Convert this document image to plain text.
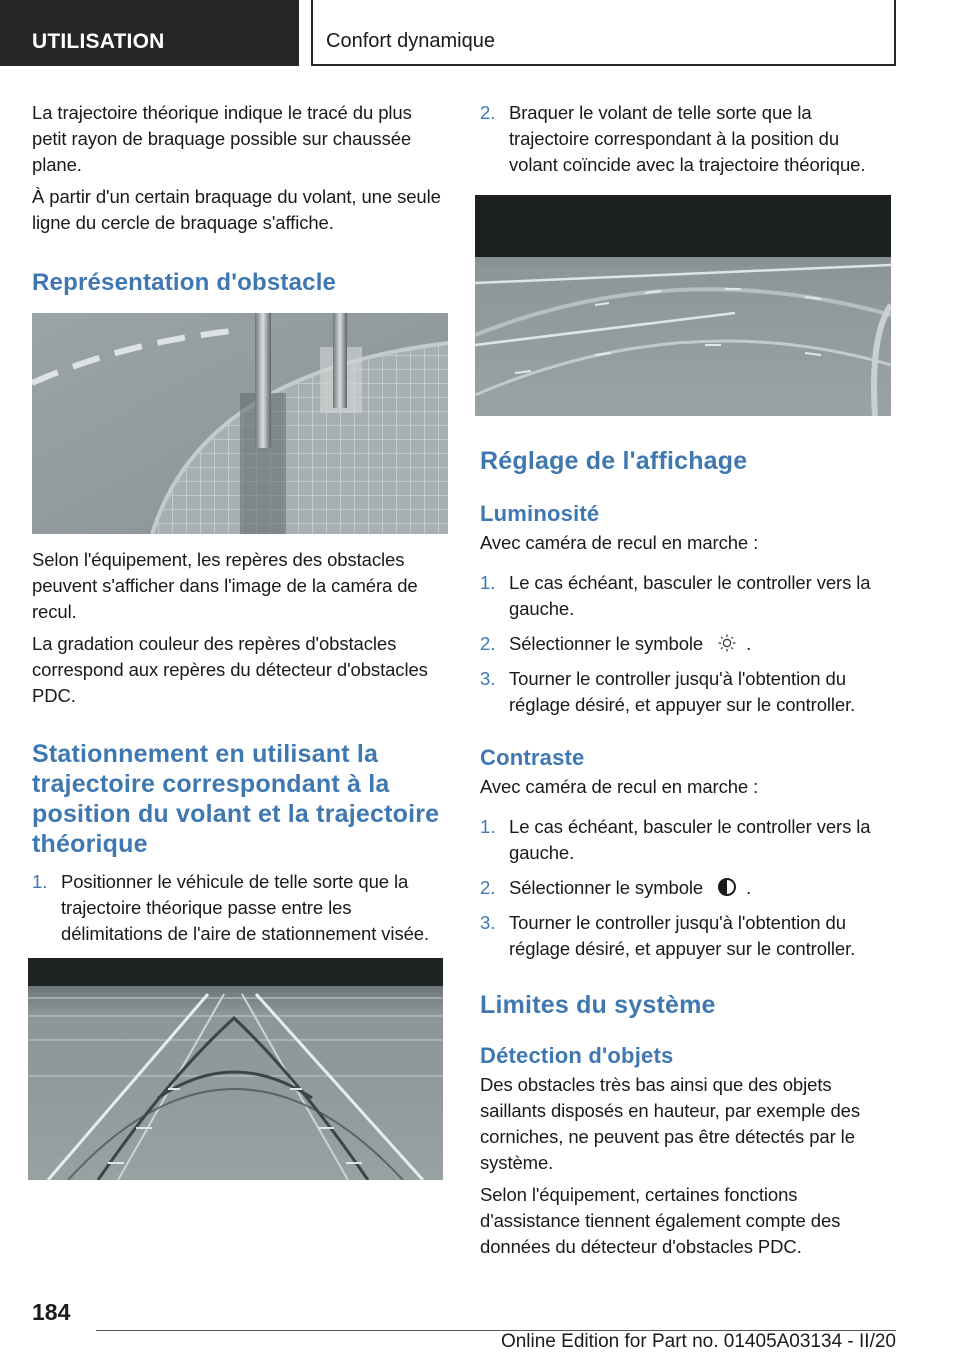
UTILISATION	Confort dynamique

La trajectoire théorique indique le tracé du plus petit rayon de braquage possible sur chaussée plane.

À partir d'un certain braquage du volant, une seule ligne du cercle de braquage s'affiche.

Représentation d'obstacle

Selon l'équipement, les repères des obstacles peuvent s'afficher dans l'image de la caméra de recul.

La gradation couleur des repères d'obstacles correspond aux repères du détecteur d'obstacles PDC.

Stationnement en utilisant la trajectoire correspondant à la position du volant et la trajectoire théorique
1. Positionner le véhicule de telle sorte que la trajectoire théorique passe entre les délimitations de l'aire de stationnement visée.
2. Braquer le volant de telle sorte que la trajectoire correspondant à la position du volant coïncide avec la trajectoire théorique.
Réglage de l'affichage
Luminosité

Avec caméra de recul en marche :

1. Le cas échéant, basculer le controller vers la gauche.
2. Sélectionner le symbole .
3. Tourner le controller jusqu'à l'obtention du réglage désiré, et appuyer sur le controller.
Contraste

Avec caméra de recul en marche :

1. Le cas échéant, basculer le controller vers la gauche.
2. Sélectionner le symbole .
3. Tourner le controller jusqu'à l'obtention du réglage désiré, et appuyer sur le controller.
Limites du système
Détection d'objets

Des obstacles très bas ainsi que des objets saillants disposés en hauteur, par exemple des corniches, ne peuvent pas être détectés par le système.

Selon l'équipement, certaines fonctions d'assistance tiennent également compte des données du détecteur d'obstacles PDC.

184
Online Edition for Part no. 01405A03134 - II/20
